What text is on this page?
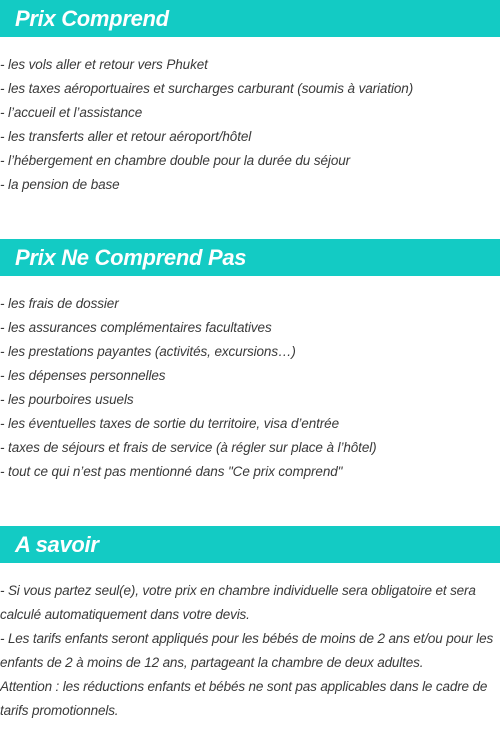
Prix Comprend
- les vols aller et retour vers Phuket
- les taxes aéroportuaires et surcharges carburant (soumis à variation)
- l’accueil et l’assistance
- les transferts aller et retour aéroport/hôtel
- l’hébergement en chambre double pour la durée du séjour
- la pension de base
Prix Ne Comprend Pas
- les frais de dossier
- les assurances complémentaires facultatives
- les prestations payantes (activités, excursions…)
- les dépenses personnelles
- les pourboires usuels
- les éventuelles taxes de sortie du territoire, visa d’entrée
- taxes de séjours et frais de service (à régler sur place à l’hôtel)
- tout ce qui n’est pas mentionné dans "Ce prix comprend"
A savoir

- Si vous partez seul(e), votre prix en chambre individuelle sera obligatoire et sera calculé automatiquement dans votre devis.

- Les tarifs enfants seront appliqués pour les bébés de moins de 2 ans et/ou pour les enfants de 2 à moins de 12 ans, partageant la chambre de deux adultes.

Attention : les réductions enfants et bébés ne sont pas applicables dans le cadre de tarifs promotionnels.
